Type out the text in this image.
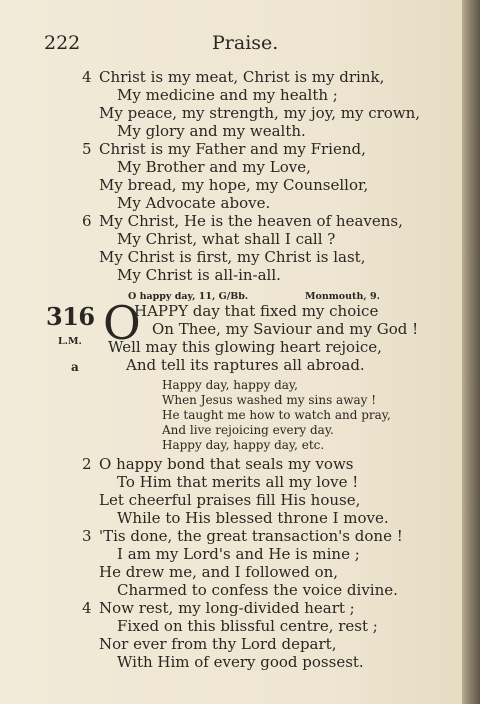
222	Praise.
4 Christ is my meat, Christ is my drink,
My medicine and my health ;
My peace, my strength, my joy, my crown,
My glory and my wealth.
5 Christ is my Father and my Friend,
My Brother and my Love,
My bread, my hope, my Counsellor,
My Advocate above.
6 My Christ, He is the heaven of heavens,
My Christ, what shall I call ?
My Christ is first, my Christ is last,
My Christ is all-in-all.
O happy day, 11, G/Bb.	Monmouth, 9.
316
L.M.
a
O
HAPPY day that fixed my choice
On Thee, my Saviour and my God !
Well may this glowing heart rejoice,
And tell its raptures all abroad.
Happy day, happy day,
When Jesus washed my sins away !
He taught me how to watch and pray,
And live rejoicing every day.
Happy day, happy day, etc.
2 O happy bond that seals my vows
To Him that merits all my love !
Let cheerful praises fill His house,
While to His blessed throne I move.
3 'Tis done, the great transaction's done !
I am my Lord's and He is mine ;
He drew me, and I followed on,
Charmed to confess the voice divine.
4 Now rest, my long-divided heart ;
Fixed on this blissful centre, rest ;
Nor ever from thy Lord depart,
With Him of every good possest.
